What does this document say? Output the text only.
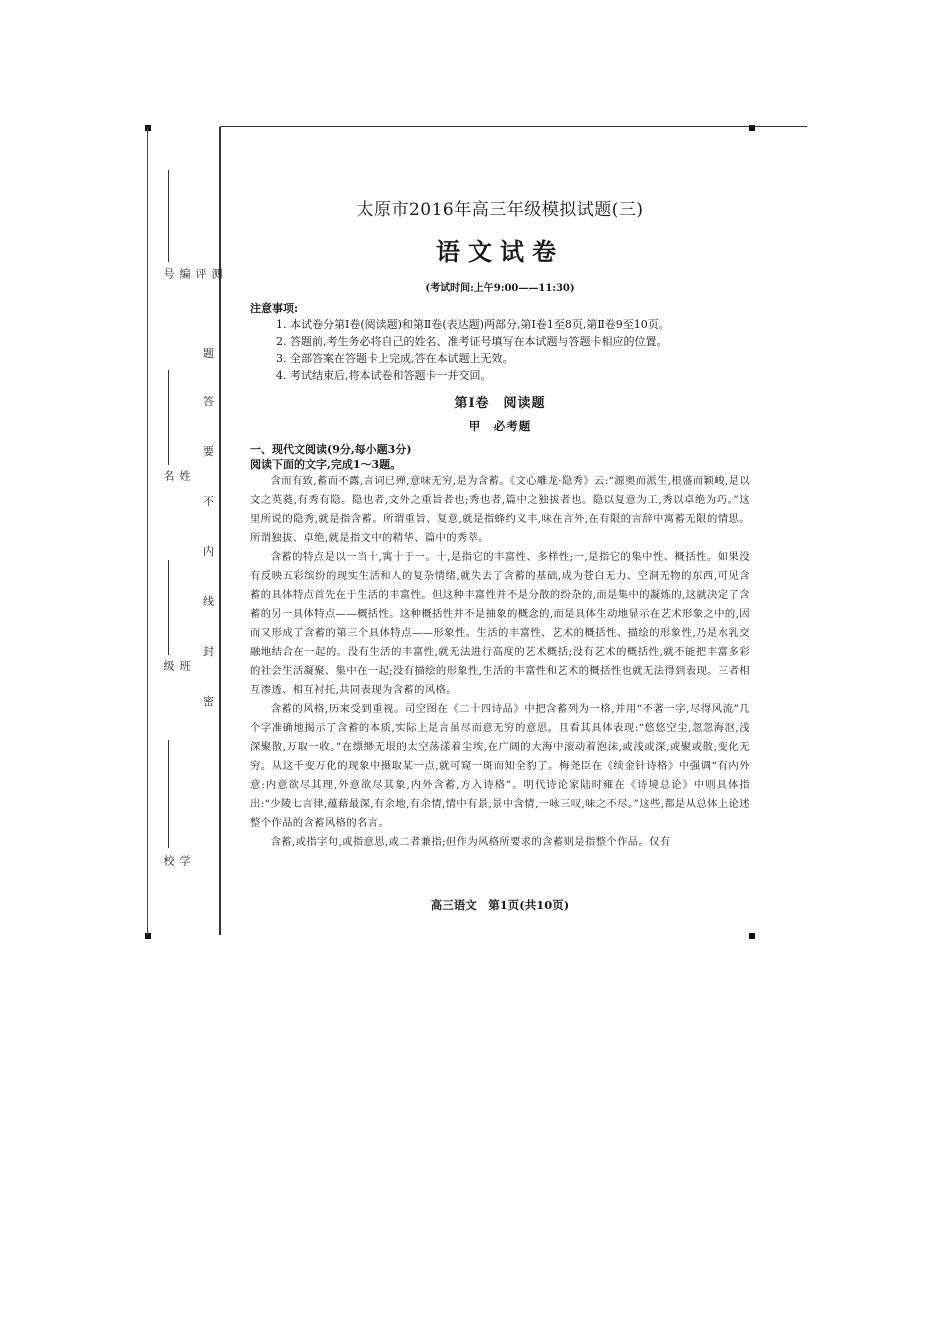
测评编号
姓　名
班　级
学　校
题
答
要
不
内
线
封
密
太原市2016年高三年级模拟试题(三)
语文试卷
(考试时间:上午9:00——11:30)
注意事项:
1. 本试卷分第Ⅰ卷(阅读题)和第Ⅱ卷(表达题)两部分,第Ⅰ卷1至8页,第Ⅱ卷9至10页。
2. 答题前,考生务必将自己的姓名、准考证号填写在本试题与答题卡相应的位置。
3. 全部答案在答题卡上完成,答在本试题上无效。
4. 考试结束后,将本试卷和答题卡一并交回。
第Ⅰ卷　阅读题
甲　必考题
一、现代文阅读(9分,每小题3分)
阅读下面的文字,完成1～3题。

含而有致,蓄而不露,言词已殚,意味无穷,是为含蓄。《文心雕龙·隐秀》云:“源奥而派生,根盛而颖峻,是以文之英蕤,有秀有隐。隐也者,文外之重旨者也;秀也者,篇中之独拔者也。隐以复意为工,秀以卓绝为巧。”这里所说的隐秀,就是指含蓄。所谓重旨、复意,就是指蜂约义丰,味在言外,在有限的言辞中寓蓄无限的情思。所谓独拔、卓绝,就是指文中的精华、篇中的秀萃。

含蓄的特点是以一当十,寓十于一。十,是指它的丰富性、多样性;一,是指它的集中性、概括性。如果没有反映五彩缤纷的现实生活和人的复杂情绪,就失去了含蓄的基础,成为苍白无力、空洞无物的东西,可见含蓄的具体特点首先在于生活的丰富性。但这种丰富性并不是分散的纷杂的,而是集中的凝炼的,这就决定了含蓄的另一具体特点——概括性。这种概括性并不是抽象的概念的,而是具体生动地显示在艺术形象之中的,因而又形成了含蓄的第三个具体特点——形象性。生活的丰富性、艺术的概括性、描绘的形象性,乃是水乳交融地结合在一起的。没有生活的丰富性,就无法进行高度的艺术概括;没有艺术的概括性,就不能把丰富多彩的社会生活凝聚、集中在一起;没有描绘的形象性,生活的丰富性和艺术的概括性也就无法得到表现。三者相互渗透、相互衬托,共同表现为含蓄的风格。

含蓄的风格,历来受到重视。司空图在《二十四诗品》中把含蓄列为一格,并用“不著一字,尽得风流”几个字准确地揭示了含蓄的本质,实际上是言虽尽而意无穷的意思。且看其具体表现:“悠悠空尘,忽忽海沤,浅深聚散,万取一收。”在缥缈无垠的太空荡漾着尘埃,在广阔的大海中滚动着泡沫,或浅或深,或聚或散,变化无穷。从这千变万化的现象中摄取某一点,就可窥一斑而知全豹了。梅尧臣在《续金针诗格》中强调“有内外意:内意欲尽其理,外意欲尽其象,内外含蓄,方入诗格”。明代诗论家陆时雍在《诗境总论》中则具体指出:“少陵七言律,蕴藉最深,有余地,有余情,情中有景,景中含情,一咏三叹,味之不尽。”这些,都是从总体上论述整个作品的含蓄风格的名言。

含蓄,或指字句,或指意思,或二者兼指;但作为风格所要求的含蓄则是指整个作品。仅有

高三语文　第1页(共10页)
